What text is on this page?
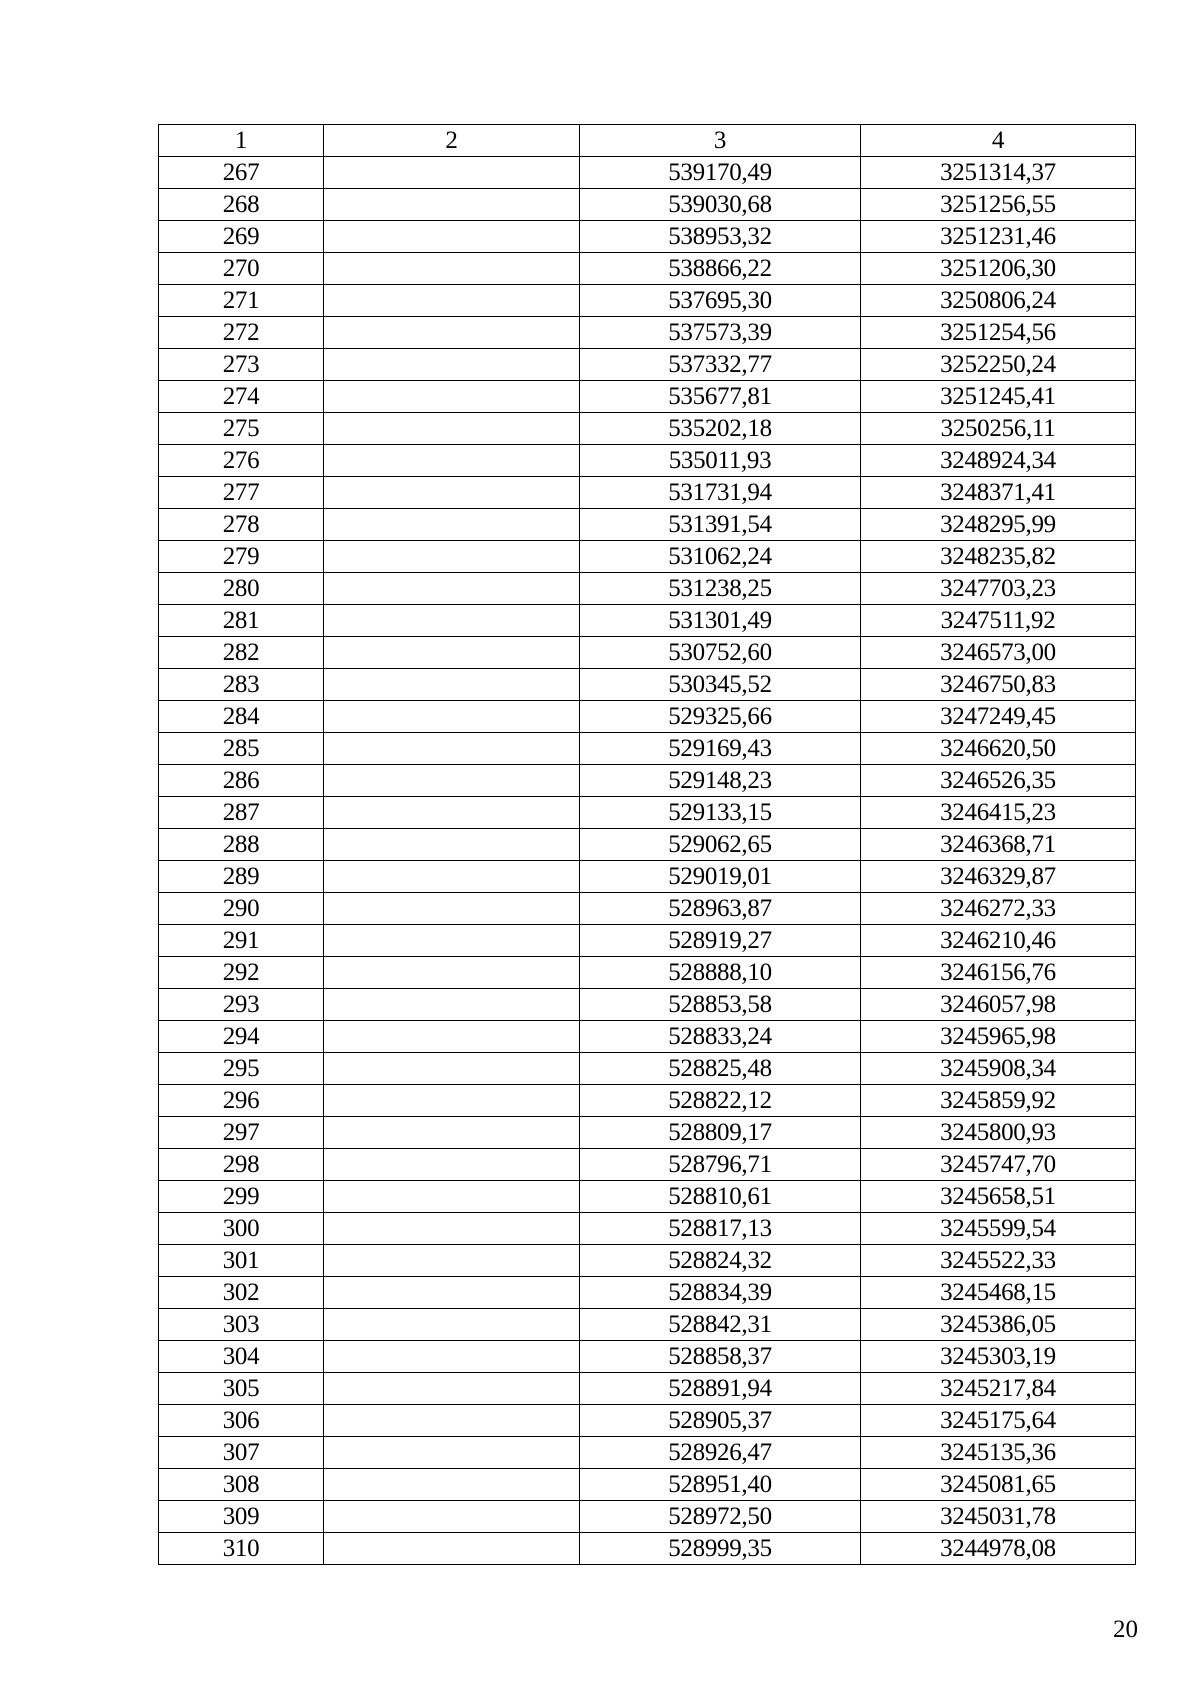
1	2	3	4
267		539170,49	3251314,37
268		539030,68	3251256,55
269		538953,32	3251231,46
270		538866,22	3251206,30
271		537695,30	3250806,24
272		537573,39	3251254,56
273		537332,77	3252250,24
274		535677,81	3251245,41
275		535202,18	3250256,11
276		535011,93	3248924,34
277		531731,94	3248371,41
278		531391,54	3248295,99
279		531062,24	3248235,82
280		531238,25	3247703,23
281		531301,49	3247511,92
282		530752,60	3246573,00
283		530345,52	3246750,83
284		529325,66	3247249,45
285		529169,43	3246620,50
286		529148,23	3246526,35
287		529133,15	3246415,23
288		529062,65	3246368,71
289		529019,01	3246329,87
290		528963,87	3246272,33
291		528919,27	3246210,46
292		528888,10	3246156,76
293		528853,58	3246057,98
294		528833,24	3245965,98
295		528825,48	3245908,34
296		528822,12	3245859,92
297		528809,17	3245800,93
298		528796,71	3245747,70
299		528810,61	3245658,51
300		528817,13	3245599,54
301		528824,32	3245522,33
302		528834,39	3245468,15
303		528842,31	3245386,05
304		528858,37	3245303,19
305		528891,94	3245217,84
306		528905,37	3245175,64
307		528926,47	3245135,36
308		528951,40	3245081,65
309		528972,50	3245031,78
310		528999,35	3244978,08
20
